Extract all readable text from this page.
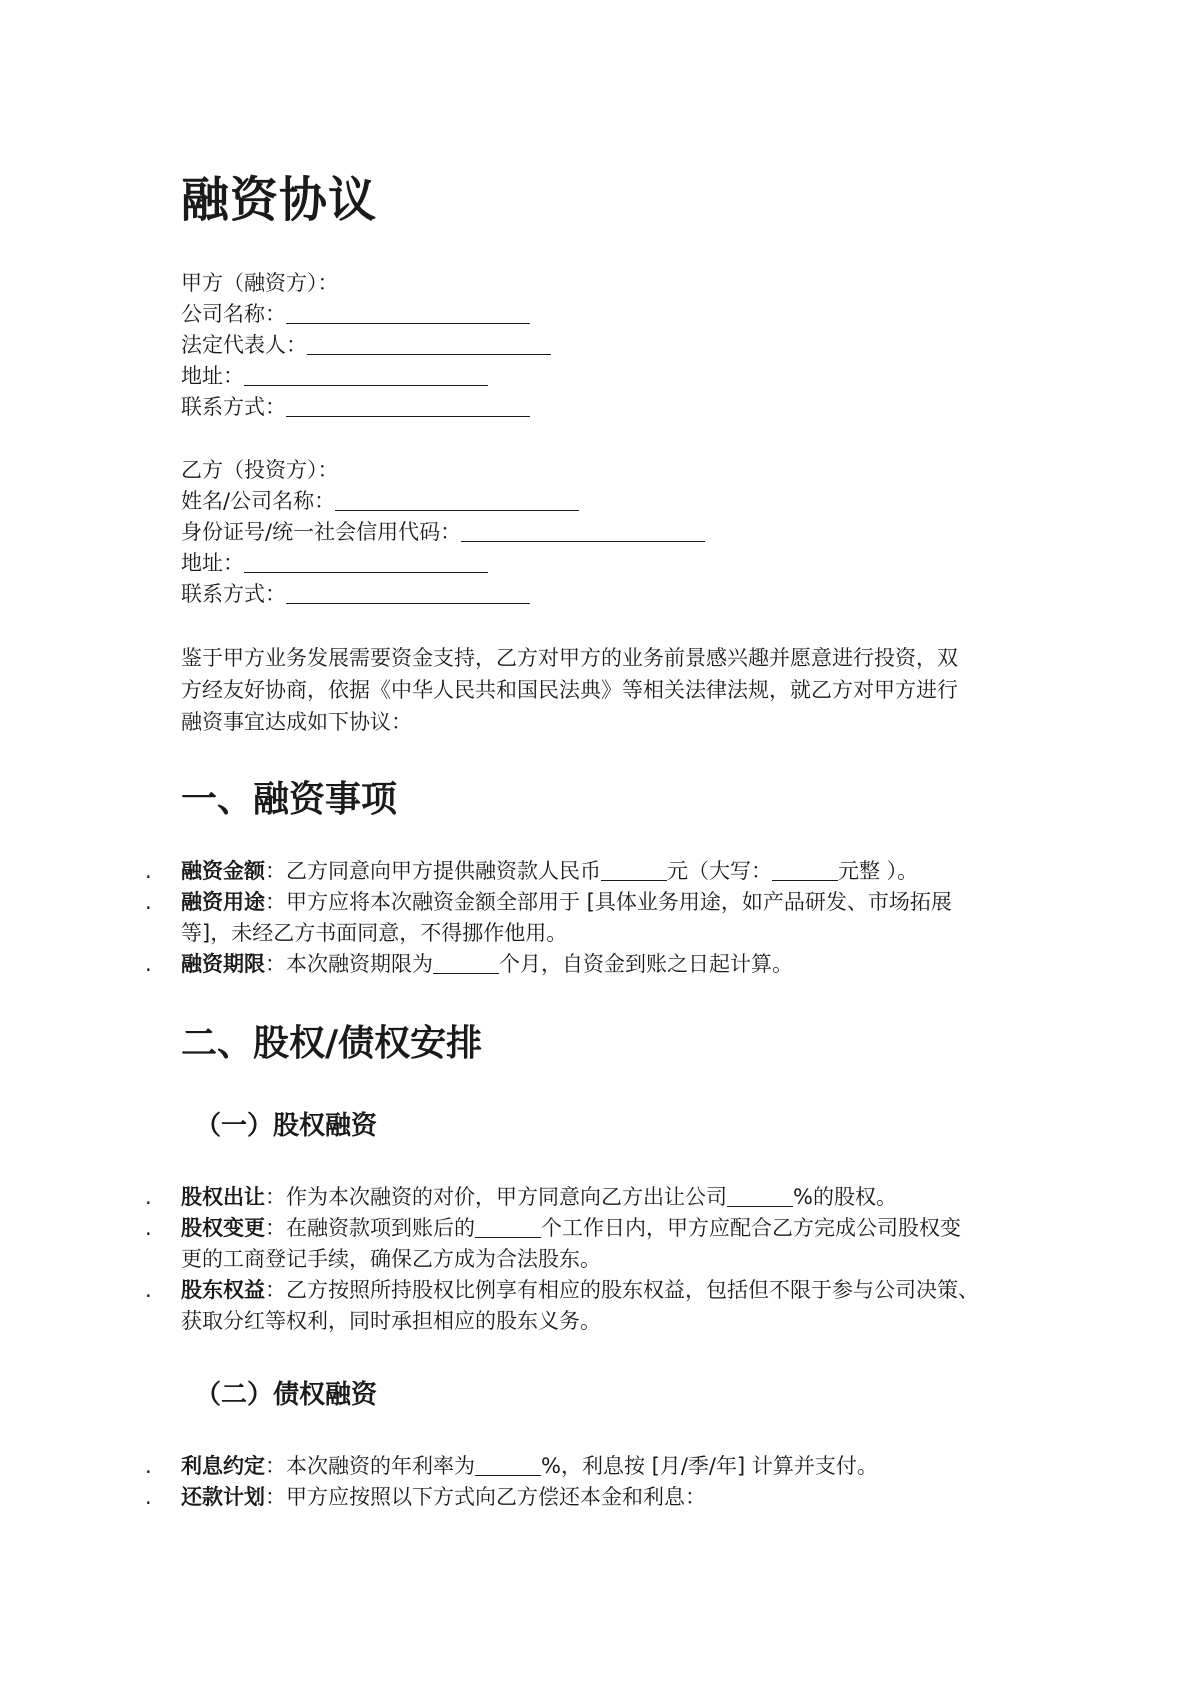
融资协议

甲方（融资方）：

公司名称：

法定代表人：

地址：

联系方式：

乙方（投资方）：

姓名/公司名称：

身份证号/统一社会信用代码：

地址：

联系方式：

鉴于甲方业务发展需要资金支持，乙方对甲方的业务前景感兴趣并愿意进行投资，双
方经友好协商，依据《中华人民共和国民法典》等相关法律法规，就乙方对甲方进行
融资事宜达成如下协议：
一、融资事项
. 融资金额：乙方同意向甲方提供融资款人民币	元（大写：	元整 ）。
. 融资用途：甲方应将本次融资金额全部用于 [具体业务用途，如产品研发、市场拓展
等]，未经乙方书面同意，不得挪作他用。
. 融资期限：本次融资期限为	个月，自资金到账之日起计算。
二、股权/债权安排
（一）股权融资
. 股权出让：作为本次融资的对价，甲方同意向乙方出让公司	%的股权。
. 股权变更：在融资款项到账后的	个工作日内，甲方应配合乙方完成公司股权变
更的工商登记手续，确保乙方成为合法股东。
. 股东权益：乙方按照所持股权比例享有相应的股东权益，包括但不限于参与公司决策、
获取分红等权利，同时承担相应的股东义务。
（二）债权融资
. 利息约定：本次融资的年利率为	%，利息按 [月/季/年] 计算并支付。
. 还款计划：甲方应按照以下方式向乙方偿还本金和利息：
